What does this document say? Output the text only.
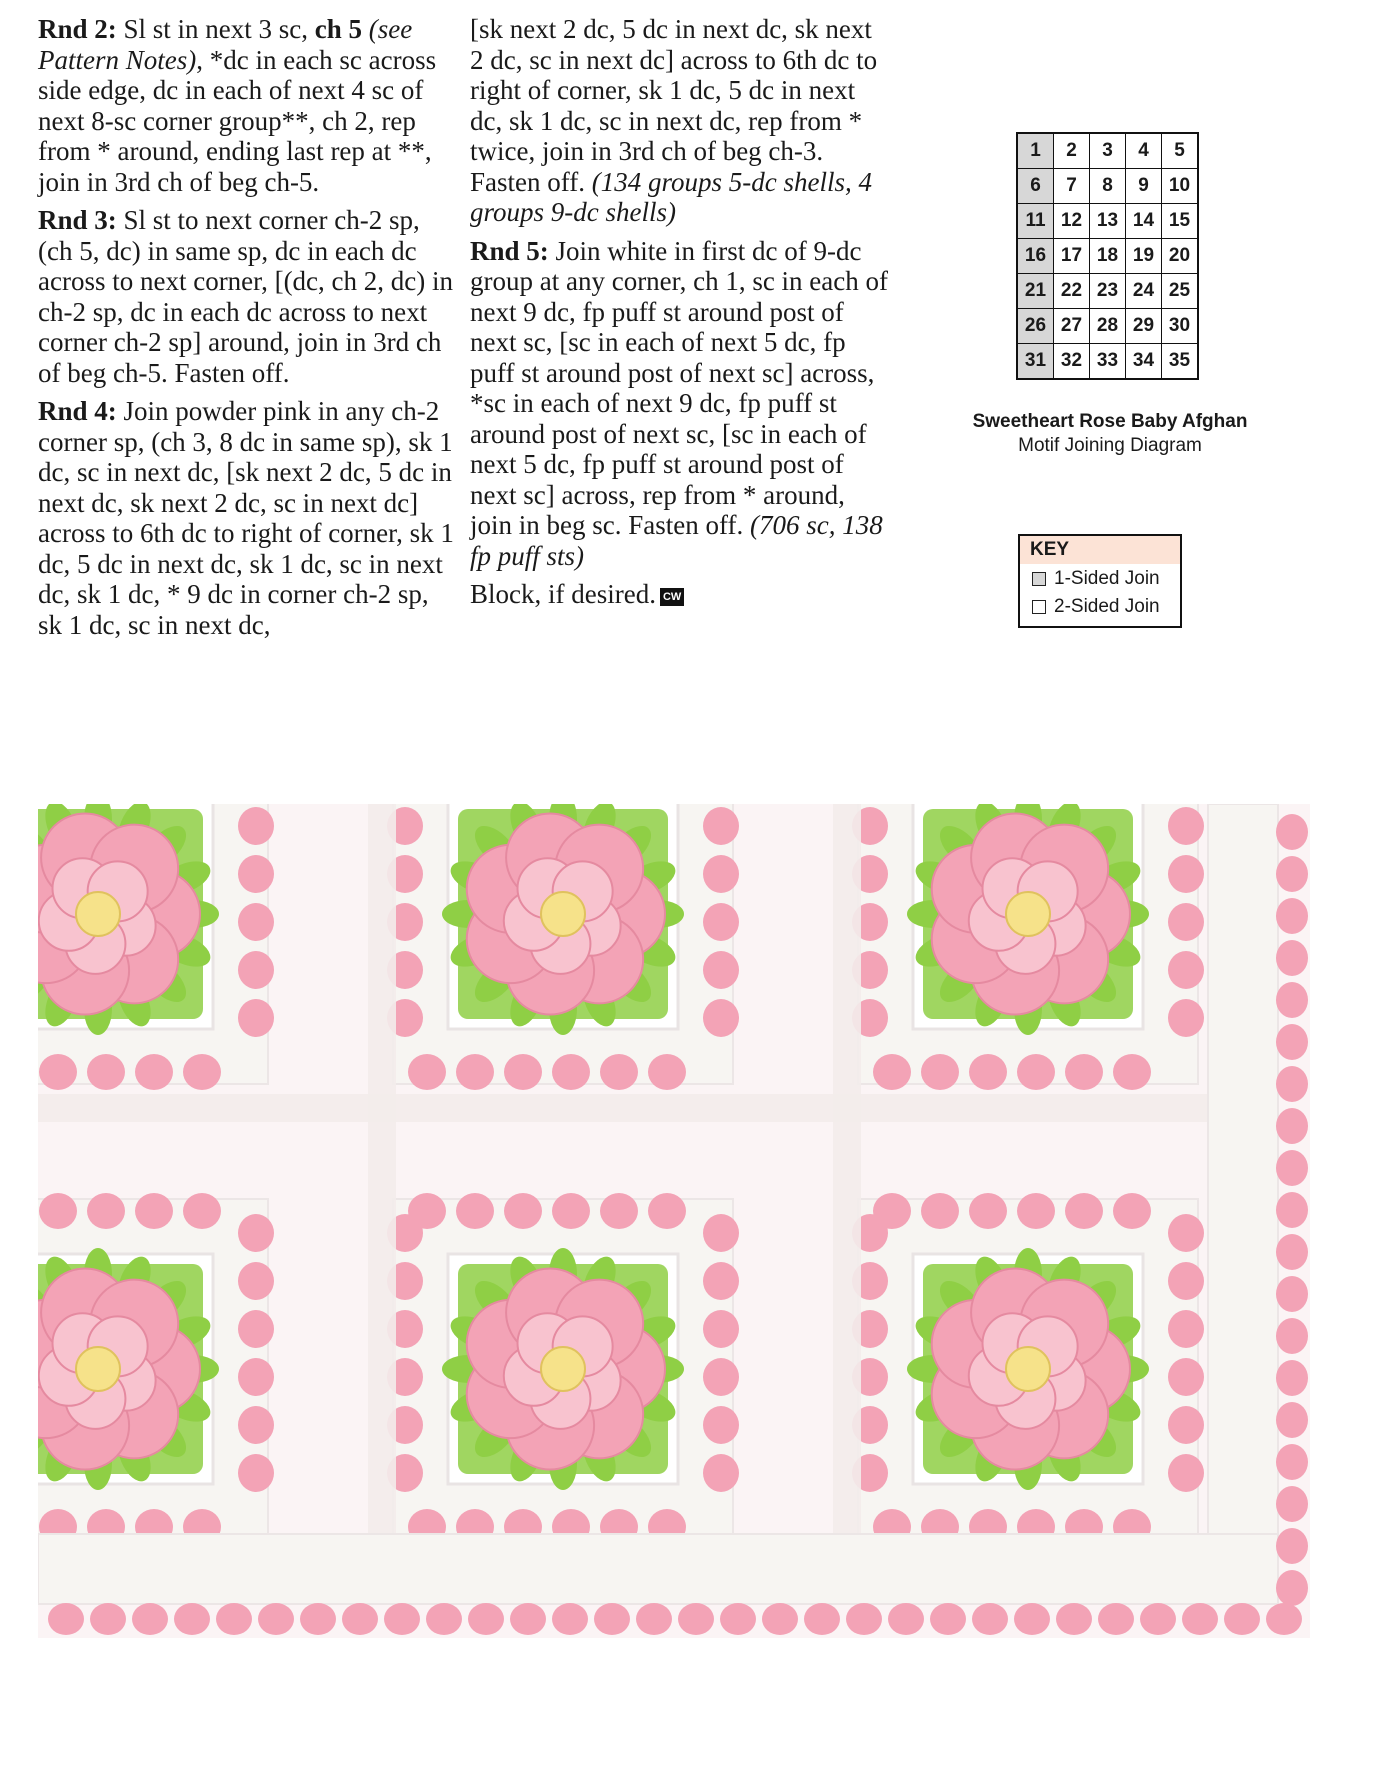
Rnd 2: Sl st in next 3 sc, ch 5 (see Pattern Notes), *dc in each sc across side edge, dc in each of next 4 sc of next 8-sc corner group**, ch 2, rep from * around, ending last rep at **, join in 3rd ch of beg ch-5.

Rnd 3: Sl st to next corner ch-2 sp, (ch 5, dc) in same sp, dc in each dc across to next corner, [(dc, ch 2, dc) in ch-2 sp, dc in each dc across to next corner ch-2 sp] around, join in 3rd ch of beg ch-5. Fasten off.

Rnd 4: Join powder pink in any ch-2 corner sp, (ch 3, 8 dc in same sp), sk 1 dc, sc in next dc, [sk next 2 dc, 5 dc in next dc, sk next 2 dc, sc in next dc] across to 6th dc to right of corner, sk 1 dc, 5 dc in next dc, sk 1 dc, sc in next dc, sk 1 dc, * 9 dc in corner ch-2 sp, sk 1 dc, sc in next dc,

[sk next 2 dc, 5 dc in next dc, sk next 2 dc, sc in next dc] across to 6th dc to right of corner, sk 1 dc, 5 dc in next dc, sk 1 dc, sc in next dc, rep from * twice, join in 3rd ch of beg ch-3. Fasten off. (134 groups 5-dc shells, 4 groups 9-dc shells)

Rnd 5: Join white in first dc of 9-dc group at any corner, ch 1, sc in each of next 9 dc, fp puff st around post of next sc, [sc in each of next 5 dc, fp puff st around post of next sc] across, *sc in each of next 9 dc, fp puff st around post of next sc, [sc in each of next 5 dc, fp puff st around post of next sc] across, rep from * around, join in beg sc. Fasten off. (706 sc, 138 fp puff sts)

Block, if desired. CW

1	2	3	4	5
6	7	8	9	10
11	12	13	14	15
16	17	18	19	20
21	22	23	24	25
26	27	28	29	30
31	32	33	34	35
Sweetheart Rose Baby Afghan
Motif Joining Diagram
KEY
1-Sided Join
2-Sided Join
